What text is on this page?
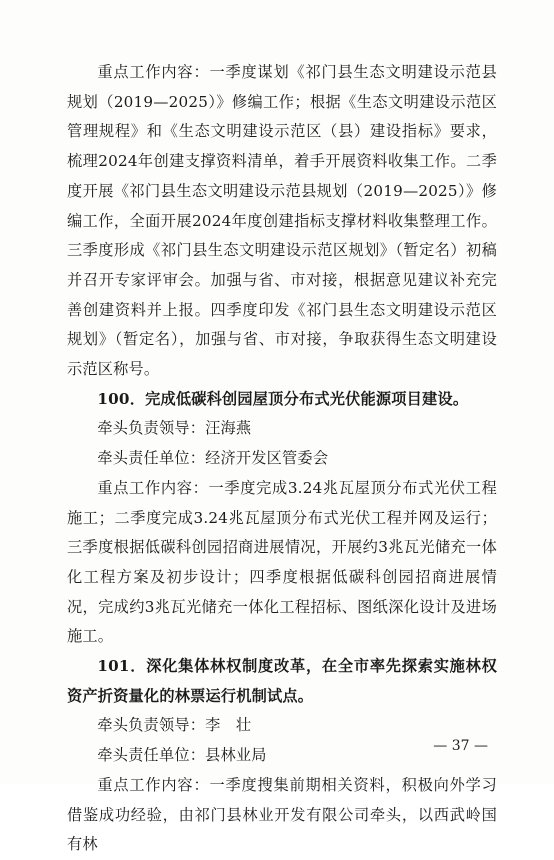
重点工作内容：一季度谋划《祁门县生态文明建设示范县规划（2019—2025）》修编工作；根据《生态文明建设示范区管理规程》和《生态文明建设示范区（县）建设指标》要求，梳理2024年创建支撑资料清单，着手开展资料收集工作。二季度开展《祁门县生态文明建设示范县规划（2019—2025）》修编工作，全面开展2024年度创建指标支撑材料收集整理工作。三季度形成《祁门县生态文明建设示范区规划》（暂定名）初稿并召开专家评审会。加强与省、市对接，根据意见建议补充完善创建资料并上报。四季度印发《祁门县生态文明建设示范区规划》（暂定名），加强与省、市对接，争取获得生态文明建设示范区称号。

100．完成低碳科创园屋顶分布式光伏能源项目建设。

牵头负责领导：汪海燕

牵头责任单位：经济开发区管委会

重点工作内容：一季度完成3.24兆瓦屋顶分布式光伏工程施工；二季度完成3.24兆瓦屋顶分布式光伏工程并网及运行；三季度根据低碳科创园招商进展情况，开展约3兆瓦光储充一体化工程方案及初步设计；四季度根据低碳科创园招商进展情况，完成约3兆瓦光储充一体化工程招标、图纸深化设计及进场施工。

101．深化集体林权制度改革，在全市率先探索实施林权资产折资量化的林票运行机制试点。

牵头负责领导：李　壮

牵头责任单位：县林业局

重点工作内容：一季度搜集前期相关资料，积极向外学习借鉴成功经验，由祁门县林业开发有限公司牵头，以西武岭国有林

— 37 —
